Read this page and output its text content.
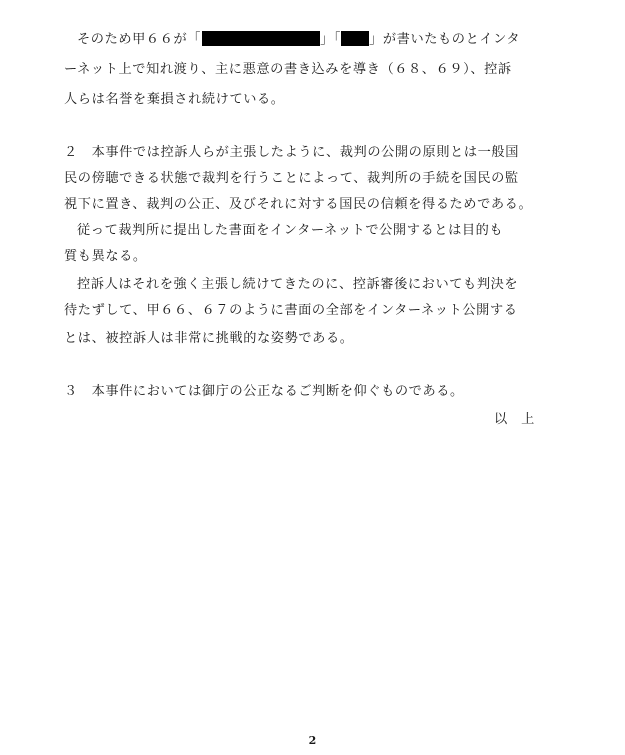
そのため甲６６が「	」「 」が書いたものとインタ
ーネット上で知れ渡り、主に悪意の書き込みを導き（６８、６９）、控訴
人らは名誉を棄損され続けている。
２　本事件では控訴人らが主張したように、裁判の公開の原則とは一般国
民の傍聴できる状態で裁判を行うことによって、裁判所の手続を国民の監
視下に置き、裁判の公正、及びそれに対する国民の信頼を得るためである。
従って裁判所に提出した書面をインターネットで公開するとは目的も
質も異なる。
控訴人はそれを強く主張し続けてきたのに、控訴審後においても判決を
待たずして、甲６６、６７のように書面の全部をインターネット公開する
とは、被控訴人は非常に挑戦的な姿勢である。
３　本事件においては御庁の公正なるご判断を仰ぐものである。
以上
2
